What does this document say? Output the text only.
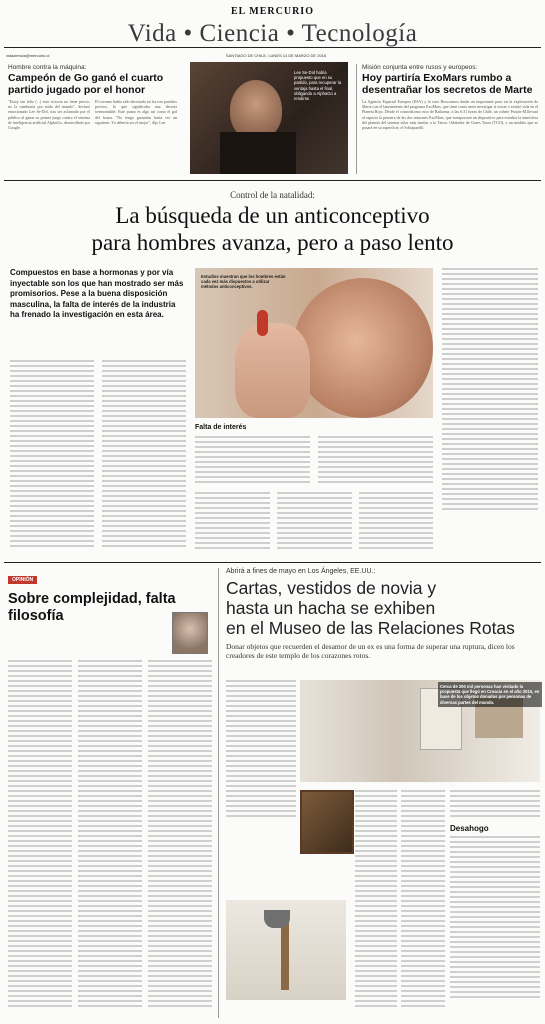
EL MERCURIO
Vida • Ciencia • Tecnología
vidaciencia@mercurio.cl	SANTIAGO DE CHILE, LUNES 14 DE MARZO DE 2016
Hombre contra la máquina:
Campeón de Go ganó el cuarto partido jugado por el honor
"Estoy tan feliz (...) esta victoria no tiene precio, no la cambiaría por nada del mundo", declaró emocionado Lee Se-Dol, tras ser aclamado por el público al ganar su primer juego contra el sistema de inteligencia artificial AlphaGo, desarrollado por Google.
El coreano había sido derrotado en los tres partidos previos, lo que significaba una derrota irremontable. Este punto es algo así como el gol del honor. "No tengo garantías hasta ver un siguiente. Yo debería ser el mejor", dijo Lee.
Lee Se-Dol había propuesto que en su partido, para recuperar la ventaja hasta el final, obligando a AlphaGo a rendirse.
Misión conjunta entre rusos y europeos:
Hoy partiría ExoMars rumbo a desentrañar los secretos de Marte
La Agencia Espacial Europea (ESA) y la rusa Roscosmos darán un importante paso en la exploración de Marte con el lanzamiento del programa ExoMars, que tiene como meta investigar si existe o existió vida en el Planeta Rojo. Desde el cosmódromo ruso de Baikonur, a las 6:31 horas de Chile, un cohete Protón-M llevará al espacio la primera de las dos misiones ExoMars, que transportará un dispositivo para estudiar la atmósfera del planeta del sistema solar más similar a la Tierra. Orbitador de Gases Traza (TGO), y un módulo que se posará en su superficie, el Schiaparelli.
Control de la natalidad:
La búsqueda de un anticonceptivo
para hombres avanza, pero a paso lento
Compuestos en base a hormonas y por vía inyectable son los que han mostrado ser más promisorios. Pese a la buena disposición masculina, la falta de interés de la industria ha frenado la investigación en esta área.
Estudios muestran que los hombres están cada vez más dispuestos a utilizar métodos anticonceptivos.
Falta de interés
OPINIÓN
Sobre complejidad, falta filosofía
Abrirá a fines de mayo en Los Ángeles, EE.UU.:
Cartas, vestidos de novia y
hasta un hacha se exhiben
en el Museo de las Relaciones Rotas
Donar objetos que recuerden el desamor de un ex es una forma de superar una ruptura, dicen los creadores de este templo de los corazones rotos.
Cerca de 200 mil personas han visitado la propuesta que llegó en Croacia en el año 2010, en base de los objetos donados por personas de diversas partes del mundo.
Desahogo
